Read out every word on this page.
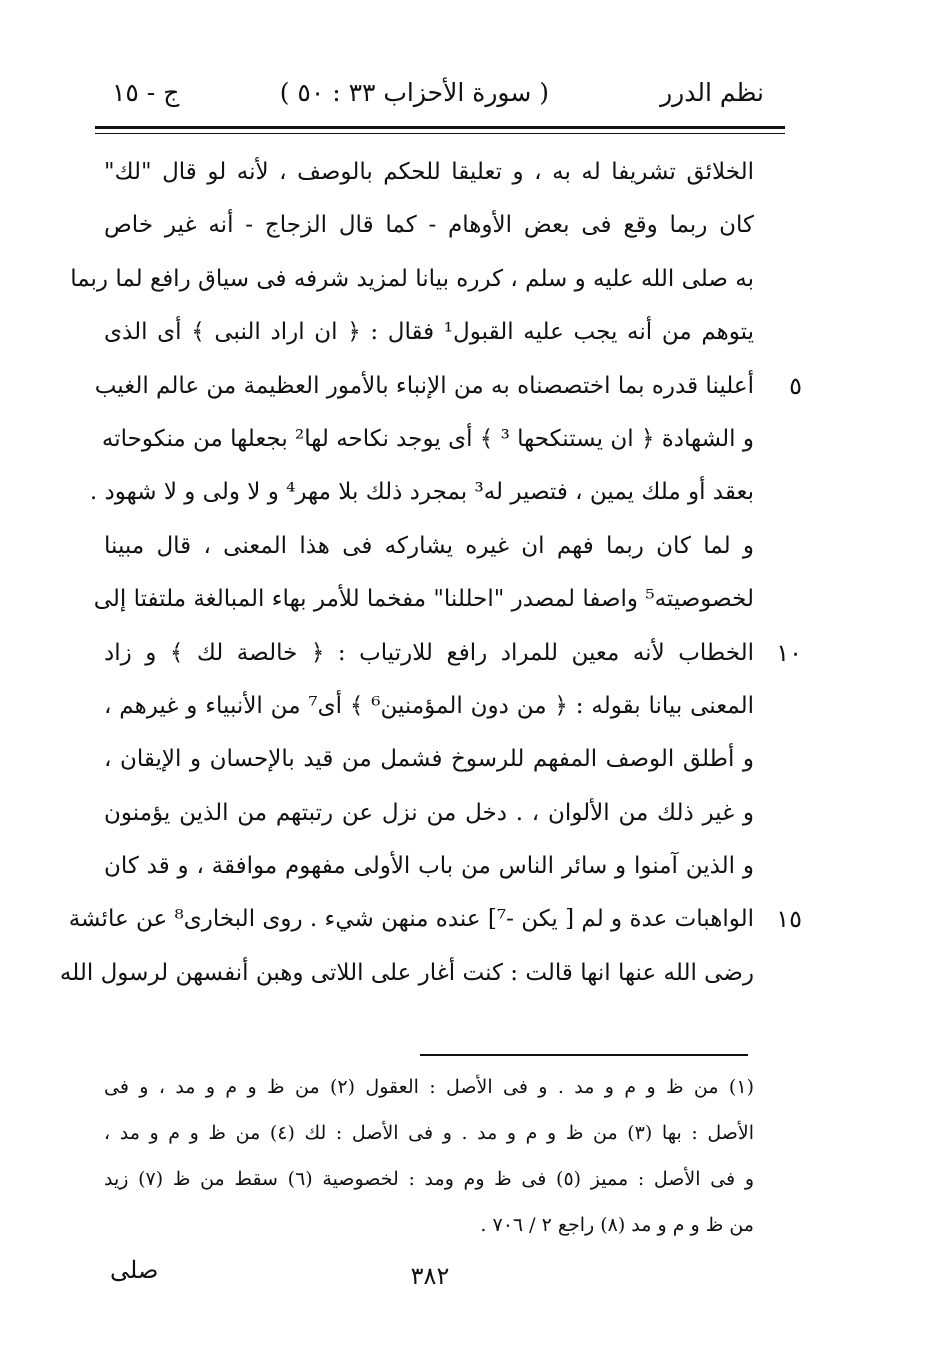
نظم الدرر
( سورة الأحزاب ٣٣ : ٥٠ )
ج - ١٥
الخلائق تشريفا له به ، و تعليقا للحكم بالوصف ، لأنه لو قال "لك"
كان ربما وقع فى بعض الأوهام - كما قال الزجاج - أنه غير خاص
به صلى الله عليه و سلم ، كرره بيانا لمزيد شرفه فى سياق رافع لما ربما
يتوهم من أنه يجب عليه القبول¹ فقال : ﴿ ان اراد النبى ﴾ أى الذى
٥
أعلينا قدره بما اختصصناه به من الإنباء بالأمور العظيمة من عالم الغيب
و الشهادة ﴿ ان يستنكحها ³ ﴾ أى يوجد نكاحه لها² بجعلها من منكوحاته
بعقد أو ملك يمين ، فتصير له³ بمجرد ذلك بلا مهر⁴ و لا ولى و لا شهود .
و لما كان ربما فهم ان غيره يشاركه فى هذا المعنى ، قال مبينا
لخصوصيته⁵ واصفا لمصدر "احللنا" مفخما للأمر بهاء المبالغة ملتفتا إلى
١٠
الخطاب لأنه معين للمراد رافع للارتياب : ﴿ خالصة لك ﴾ و زاد
المعنى بيانا بقوله : ﴿ من دون المؤمنين⁶ ﴾ أى⁷ من الأنبياء و غيرهم ،
و أطلق الوصف المفهم للرسوخ فشمل من قيد بالإحسان و الإيقان ،
و غير ذلك من الألوان ، . دخل من نزل عن رتبتهم من الذين يؤمنون
و الذين آمنوا و سائر الناس من باب الأولى مفهوم موافقة ، و قد كان
١٥
الواهبات عدة و لم [ يكن -⁷] عنده منهن شيء . روى البخارى⁸ عن عائشة
رضى الله عنها انها قالت : كنت أغار على اللاتى وهبن أنفسهن لرسول الله
(١) من ظ و م و مد . و فى الأصل : العقول (٢) من ظ و م و مد ، و فى
الأصل : بها (٣) من ظ و م و مد . و فى الأصل : لك (٤) من ظ و م و مد ،
و فى الأصل : مميز (٥) فى ظ وم ومد : لخصوصية (٦) سقط من ظ (٧) زيد
من ظ و م و مد (٨) راجع ٢ / ٧٠٦ .
٣٨٢
صلى
